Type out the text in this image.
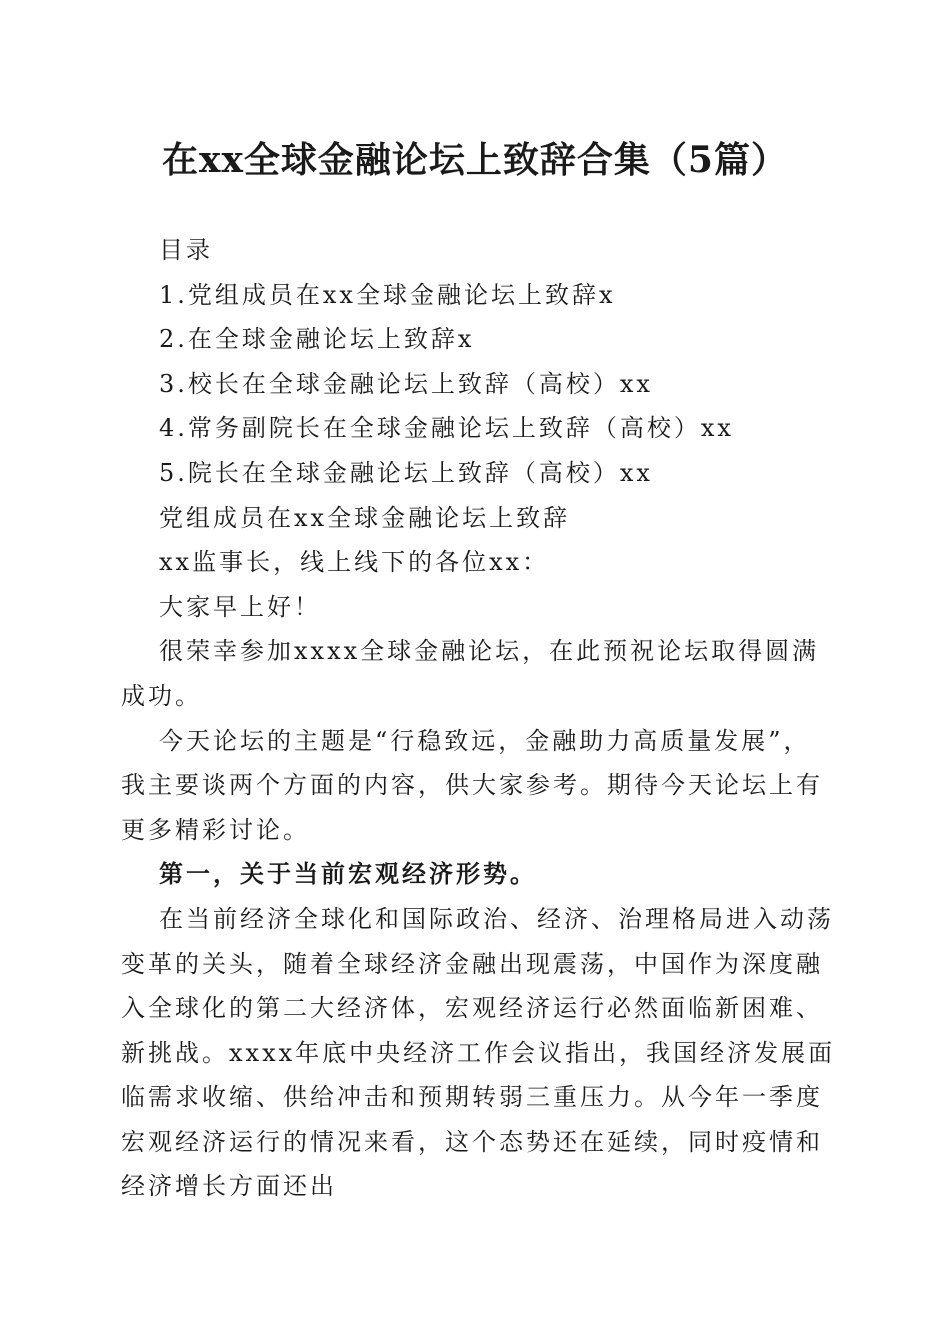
在xx全球金融论坛上致辞合集（5篇）

目录

1.党组成员在xx全球金融论坛上致辞x

2.在全球金融论坛上致辞x

3.校长在全球金融论坛上致辞（高校）xx

4.常务副院长在全球金融论坛上致辞（高校）xx

5.院长在全球金融论坛上致辞（高校）xx

党组成员在xx全球金融论坛上致辞

xx监事长，线上线下的各位xx：

大家早上好！

很荣幸参加xxxx全球金融论坛，在此预祝论坛取得圆满成功。

今天论坛的主题是“行稳致远，金融助力高质量发展”，我主要谈两个方面的内容，供大家参考。期待今天论坛上有更多精彩讨论。

第一，关于当前宏观经济形势。

在当前经济全球化和国际政治、经济、治理格局进入动荡变革的关头，随着全球经济金融出现震荡，中国作为深度融入全球化的第二大经济体，宏观经济运行必然面临新困难、新挑战。xxxx年底中央经济工作会议指出，我国经济发展面临需求收缩、供给冲击和预期转弱三重压力。从今年一季度宏观经济运行的情况来看，这个态势还在延续，同时疫情和经济增长方面还出
